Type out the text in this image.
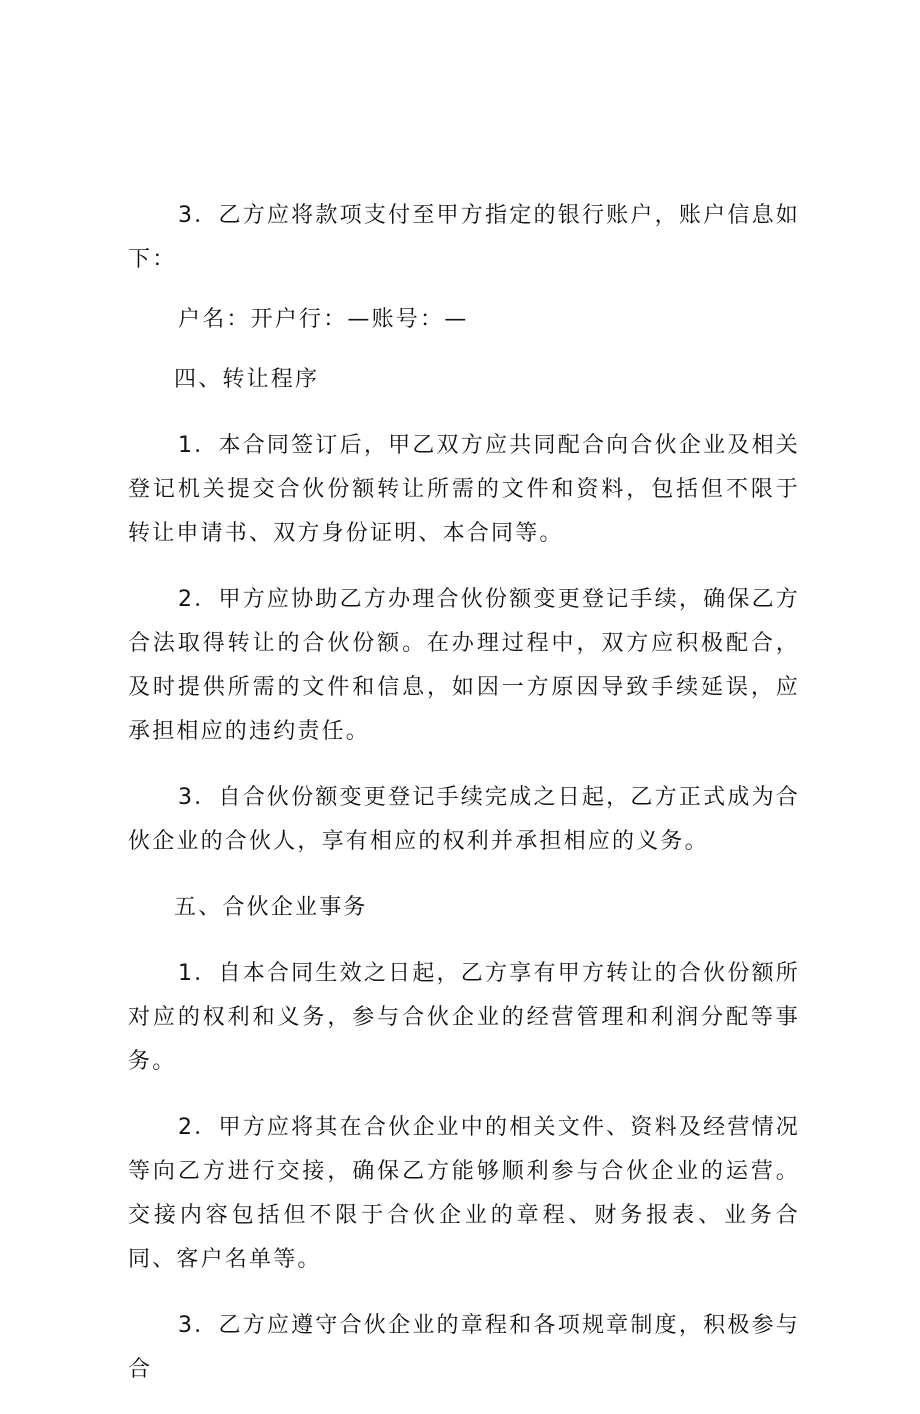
3．乙方应将款项支付至甲方指定的银行账户，账户信息如下：

户名：开户行：—账号：—

四、转让程序

1．本合同签订后，甲乙双方应共同配合向合伙企业及相关登记机关提交合伙份额转让所需的文件和资料，包括但不限于转让申请书、双方身份证明、本合同等。

2．甲方应协助乙方办理合伙份额变更登记手续，确保乙方合法取得转让的合伙份额。在办理过程中，双方应积极配合，及时提供所需的文件和信息，如因一方原因导致手续延误，应承担相应的违约责任。

3．自合伙份额变更登记手续完成之日起，乙方正式成为合伙企业的合伙人，享有相应的权利并承担相应的义务。

五、合伙企业事务

1．自本合同生效之日起，乙方享有甲方转让的合伙份额所对应的权利和义务，参与合伙企业的经营管理和利润分配等事务。

2．甲方应将其在合伙企业中的相关文件、资料及经营情况等向乙方进行交接，确保乙方能够顺利参与合伙企业的运营。交接内容包括但不限于合伙企业的章程、财务报表、业务合同、客户名单等。

3．乙方应遵守合伙企业的章程和各项规章制度，积极参与合
